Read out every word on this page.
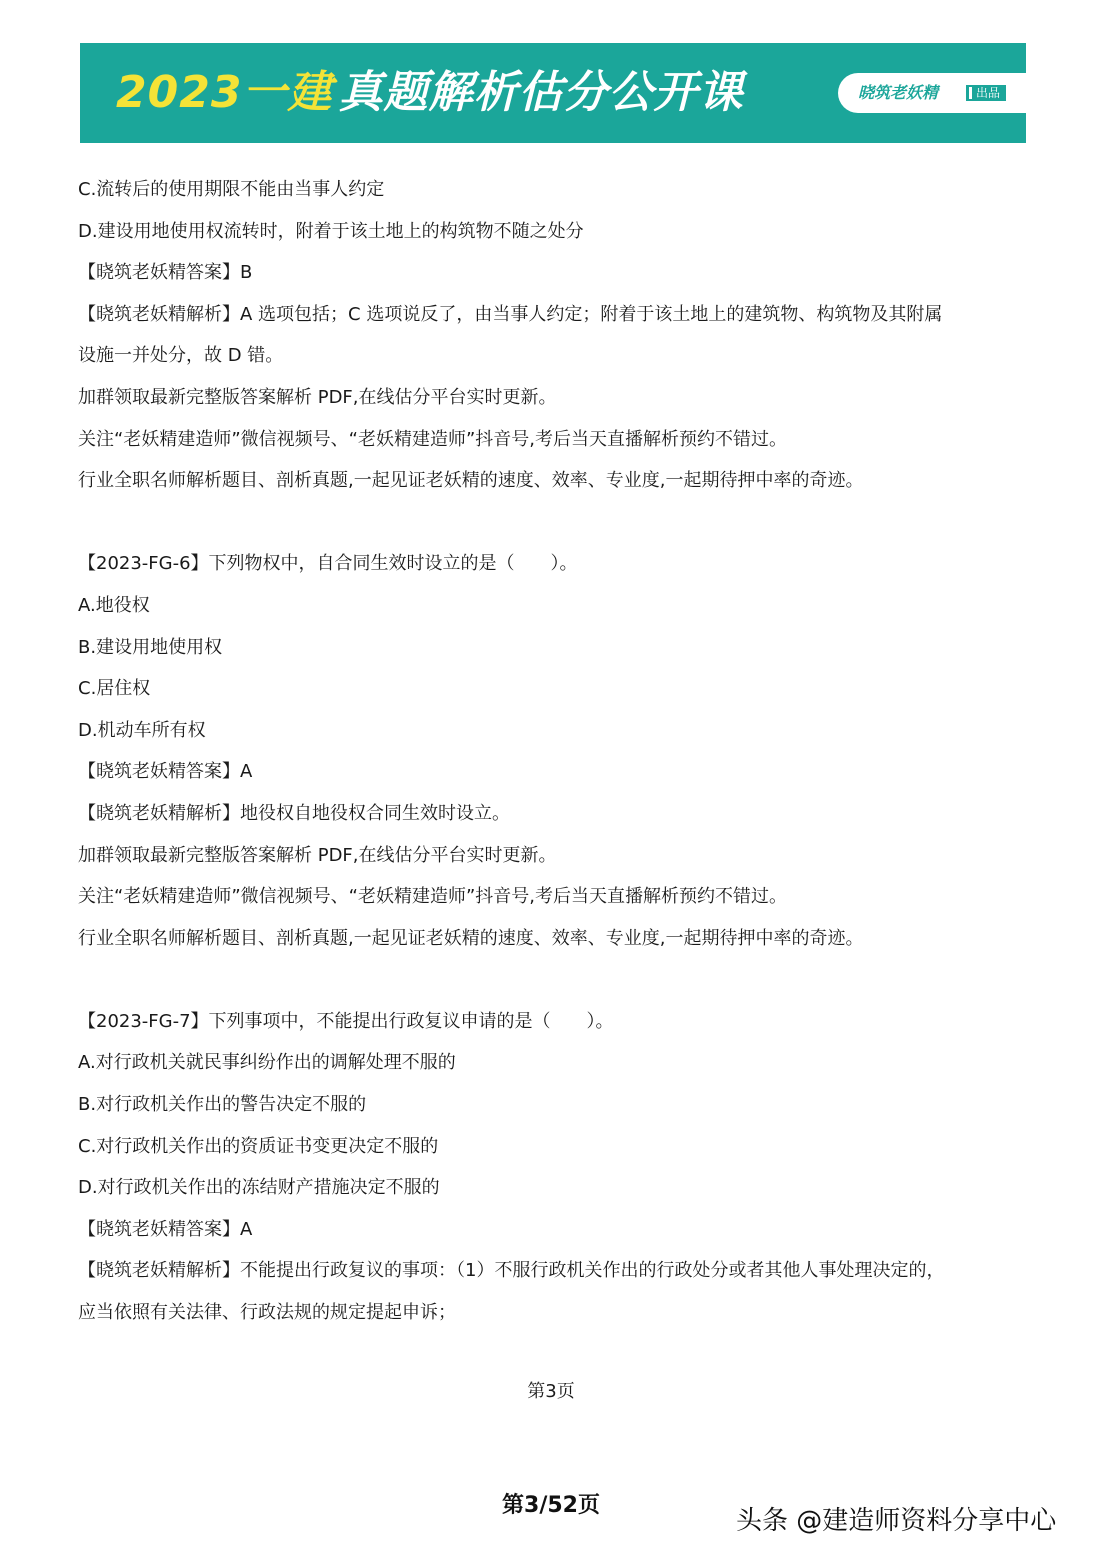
2023一建 真题解析估分公开课	晓筑老妖精	出品
C.流转后的使用期限不能由当事人约定
D.建设用地使用权流转时，附着于该土地上的构筑物不随之处分
【晓筑老妖精答案】B
【晓筑老妖精解析】A 选项包括；C 选项说反了，由当事人约定；附着于该土地上的建筑物、构筑物及其附属
设施一并处分，故 D 错。
加群领取最新完整版答案解析 PDF,在线估分平台实时更新。
关注“老妖精建造师”微信视频号、“老妖精建造师”抖音号,考后当天直播解析预约不错过。
行业全职名师解析题目、剖析真题,一起见证老妖精的速度、效率、专业度,一起期待押中率的奇迹。
【2023-FG-6】下列物权中，自合同生效时设立的是（　　）。
A.地役权
B.建设用地使用权
C.居住权
D.机动车所有权
【晓筑老妖精答案】A
【晓筑老妖精解析】地役权自地役权合同生效时设立。
加群领取最新完整版答案解析 PDF,在线估分平台实时更新。
关注“老妖精建造师”微信视频号、“老妖精建造师”抖音号,考后当天直播解析预约不错过。
行业全职名师解析题目、剖析真题,一起见证老妖精的速度、效率、专业度,一起期待押中率的奇迹。
【2023-FG-7】下列事项中，不能提出行政复议申请的是（　　）。
A.对行政机关就民事纠纷作出的调解处理不服的
B.对行政机关作出的警告决定不服的
C.对行政机关作出的资质证书变更决定不服的
D.对行政机关作出的冻结财产措施决定不服的
【晓筑老妖精答案】A
【晓筑老妖精解析】不能提出行政复议的事项：（1）不服行政机关作出的行政处分或者其他人事处理决定的，
应当依照有关法律、行政法规的规定提起申诉；
第3页
第3/52页
头条 @建造师资料分享中心
